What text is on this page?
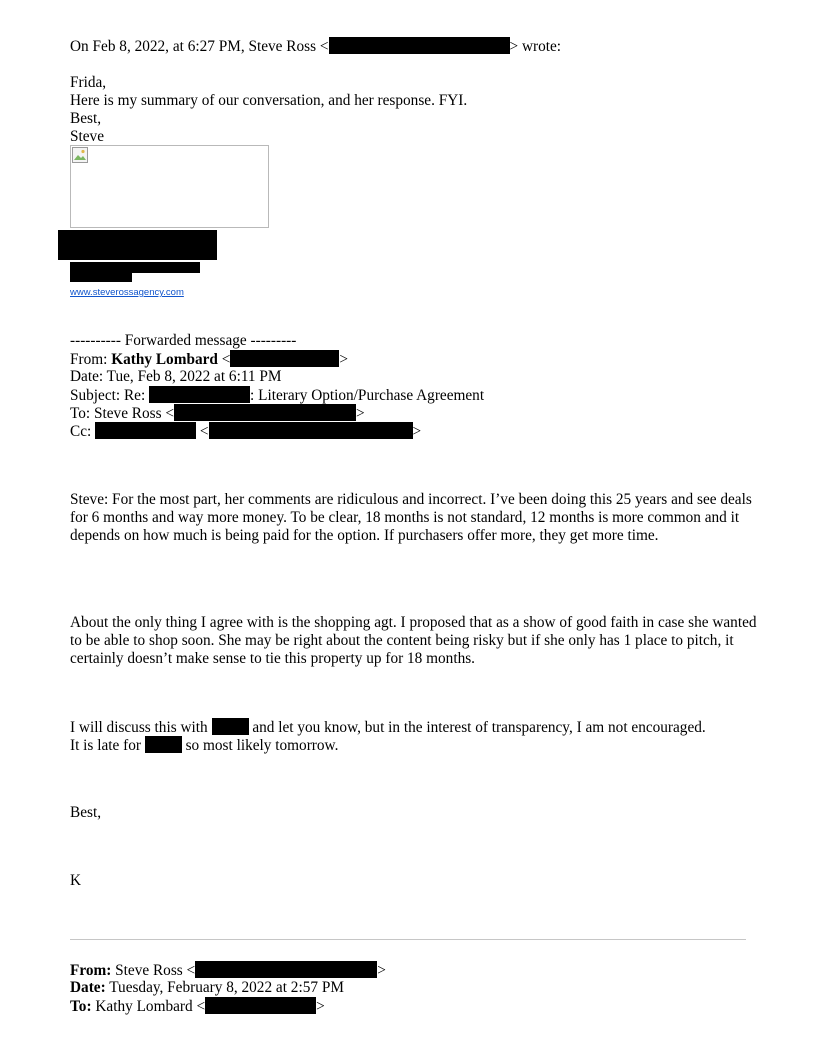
On Feb 8, 2022, at 6:27 PM, Steve Ross <	> wrote:
Frida,
Here is my summary of our conversation, and her response. FYI.
Best,
Steve
www.steverossagency.com
---------- Forwarded message ---------
From: Kathy Lombard <	>
Date: Tue, Feb 8, 2022 at 6:11 PM
Subject: Re:	: Literary Option/Purchase Agreement
To: Steve Ross <	>
Cc:	<	>
Steve: For the most part, her comments are ridiculous and incorrect. I’ve been doing this 25 years and see deals for 6 months and way more money. To be clear, 18 months is not standard, 12 months is more common and it depends on how much is being paid for the option. If purchasers offer more, they get more time.
About the only thing I agree with is the shopping agt. I proposed that as a show of good faith in case she wanted to be able to shop soon. She may be right about the content being risky but if she only has 1 place to pitch, it certainly doesn’t make sense to tie this property up for 18 months.
I will discuss this with  and let you know, but in the interest of transparency, I am not encouraged.
It is late for  so most likely tomorrow.
Best,
K
From: Steve Ross <	>
Date: Tuesday, February 8, 2022 at 2:57 PM
To: Kathy Lombard <	>
